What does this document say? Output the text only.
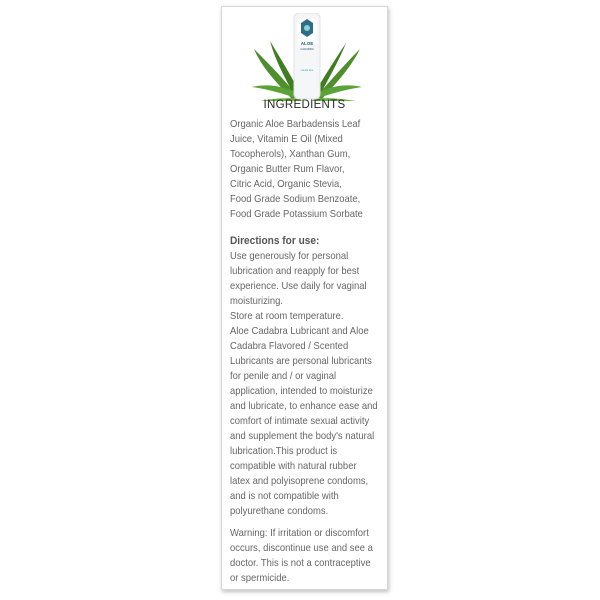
ALOE
CADABRA
natural aloe
INGREDIENTS
Organic Aloe Barbadensis Leaf
Juice, Vitamin E Oil (Mixed
Tocopherols), Xanthan Gum,
Organic Butter Rum Flavor,
Citric Acid, Organic Stevia,
Food Grade Sodium Benzoate,
Food Grade Potassium Sorbate
Directions for use:
Use generously for personal
lubrication and reapply for best
experience. Use daily for vaginal
moisturizing.
Store at room temperature.
Aloe Cadabra Lubricant and Aloe
Cadabra Flavored / Scented
Lubricants are personal lubricants
for penile and / or vaginal
application, intended to moisturize
and lubricate, to enhance ease and
comfort of intimate sexual activity
and supplement the body's natural
lubrication.This product is
compatible with natural rubber
latex and polyisoprene condoms,
and is not compatible with
polyurethane condoms.
Warning: If irritation or discomfort
occurs, discontinue use and see a
doctor. This is not a contraceptive
or spermicide.
